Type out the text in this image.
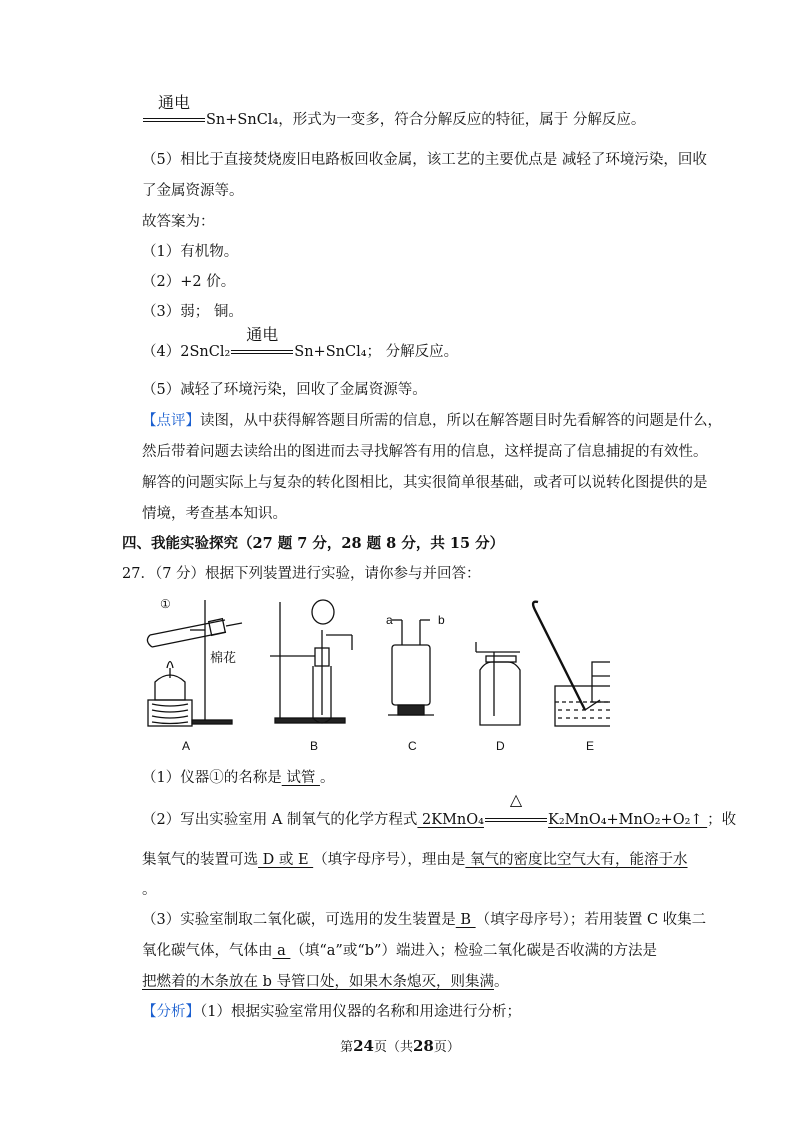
通电
Sn+SnCl₄，形式为一变多，符合分解反应的特征，属于 分解反应。
（5）相比于直接焚烧废旧电路板回收金属，该工艺的主要优点是 减轻了环境污染，回收
了金属资源等。
故答案为：
（1）有机物。
（2）+2 价。
（3）弱； 铜。
（4）2SnCl₂
通电
Sn+SnCl₄； 分解反应。
（5）减轻了环境污染，回收了金属资源等。
【点评】读图，从中获得解答题目所需的信息，所以在解答题目时先看解答的问题是什么，
然后带着问题去读给出的图进而去寻找解答有用的信息，这样提高了信息捕捉的有效性。
解答的问题实际上与复杂的转化图相比，其实很简单很基础，或者可以说转化图提供的是
情境，考查基本知识。
四、我能实验探究（27 题 7 分，28 题 8 分，共 15 分）
27．（7 分）根据下列装置进行实验，请你参与并回答：
①
棉花
a	b
A	B	C	D	E
（1）仪器①的名称是 试管 。
（2）写出实验室用 A 制氧气的化学方程式 2KMnO₄
△
K₂MnO₄+MnO₂+O₂↑ ；收
集氧气的装置可选 D 或 E （填字母序号），理由是 氧气的密度比空气大有，能溶于水
。
（3）实验室制取二氧化碳，可选用的发生装置是 B （填字母序号）；若用装置 C 收集二
氧化碳气体，气体由 a （填“a”或“b”）端进入；检验二氧化碳是否收满的方法是
把燃着的木条放在 b 导管口处，如果木条熄灭，则集满。
【分析】（1）根据实验室常用仪器的名称和用途进行分析；
第24页（共28页）
